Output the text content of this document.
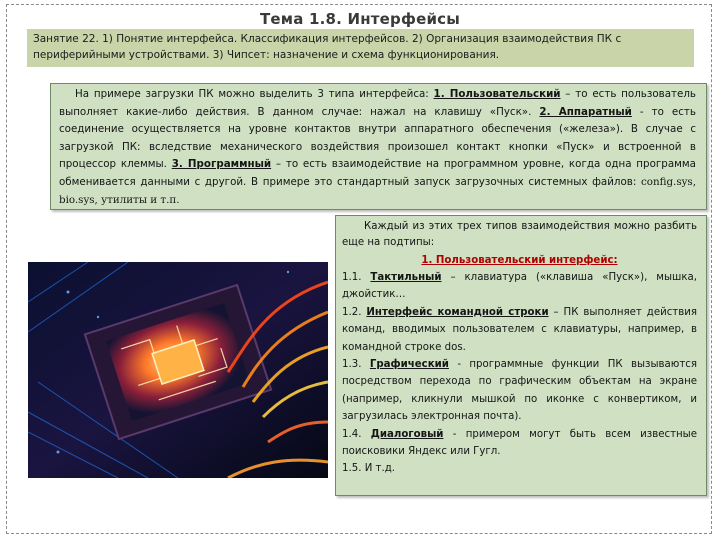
Тема 1.8. Интерфейсы
Занятие 22. 1) Понятие интерфейса. Классификация интерфейсов. 2) Организация взаимодействия ПК с периферийными устройствами. 3) Чипсет: назначение и схема функционирования.

На примере загрузки ПК можно выделить 3 типа интерфейса: 1. Пользовательский – то есть пользователь выполняет какие-либо действия. В данном случае: нажал на клавишу «Пуск». 2. Аппаратный - то есть соединение осуществляется на уровне контактов внутри аппаратного обеспечения («железа»). В случае с загрузкой ПК: вследствие механического воздействия произошел контакт кнопки «Пуск» и встроенной в процессор клеммы. 3. Программный – то есть взаимодействие на программном уровне, когда одна программа обменивается данными с другой. В примере это стандартный запуск загрузочных системных файлов: config.sys, bio.sys, утилиты и т.п.

Каждый из этих трех типов взаимодействия можно разбить еще на подтипы:

1. Пользовательский интерфейс:

1.1. Тактильный – клавиатура («клавиша «Пуск»), мышка, джойстик…

1.2. Интерфейс командной строки – ПК выполняет действия команд, вводимых пользователем с клавиатуры, например, в командной строке dos.

1.3. Графический - программные функции ПК вызываются посредством перехода по графическим объектам на экране (например, кликнули мышкой по иконке с конвертиком, и загрузилась электронная почта).

1.4. Диалоговый - примером могут быть всем известные поисковики Яндекс или Гугл.

1.5. И т.д.
